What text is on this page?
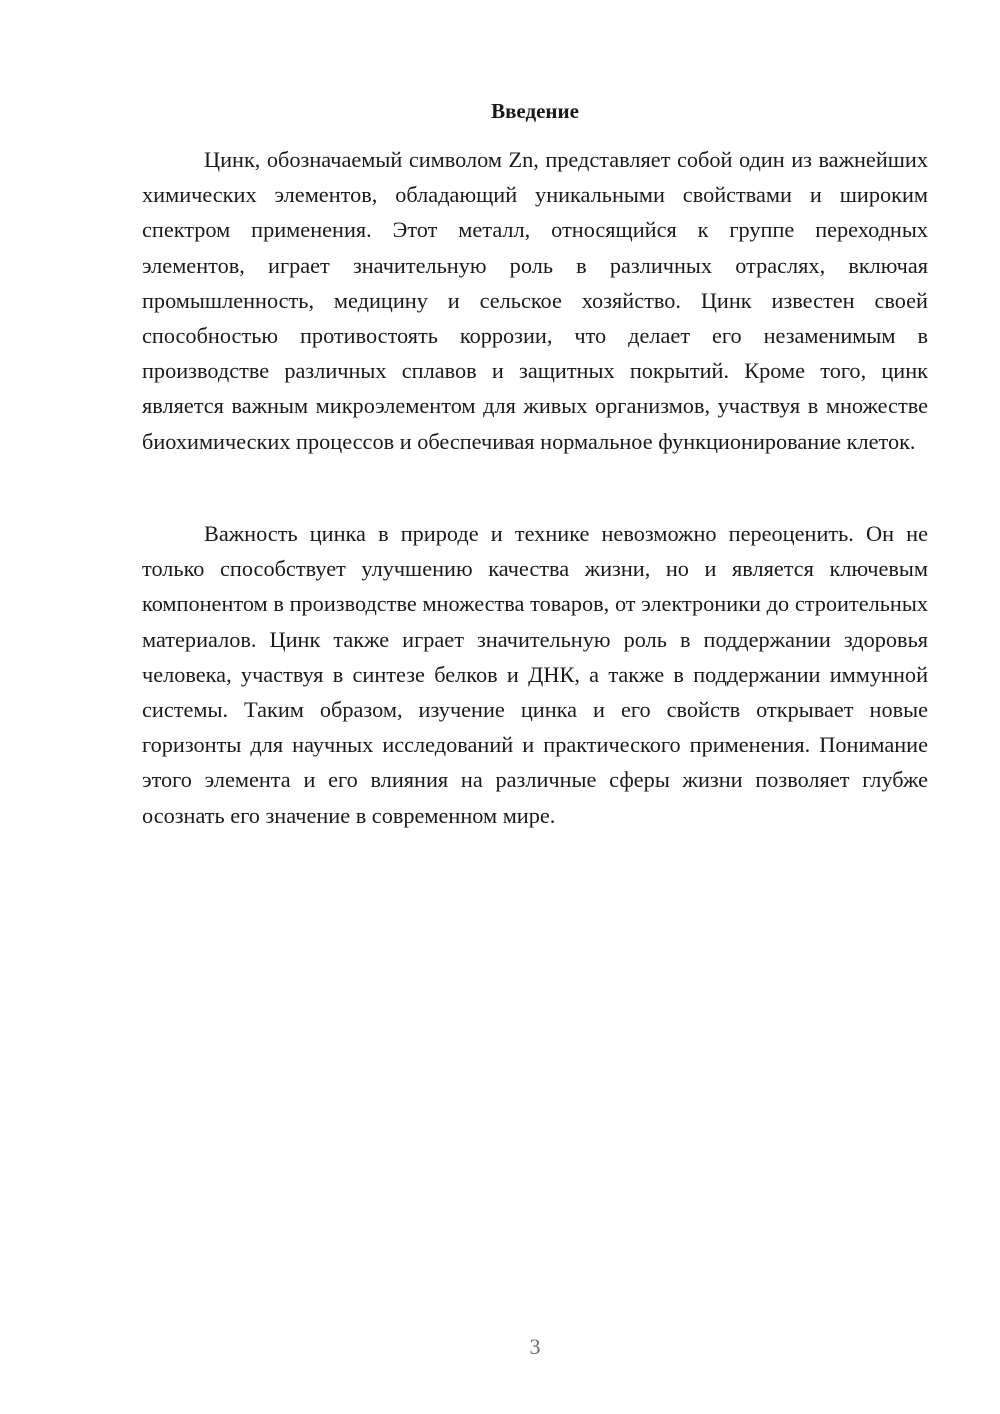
Введение

Цинк, обозначаемый символом Zn, представляет собой один из важнейших химических элементов, обладающий уникальными свойствами и широким спектром применения. Этот металл, относящийся к группе переходных элементов, играет значительную роль в различных отраслях, включая промышленность, медицину и сельское хозяйство. Цинк известен своей способностью противостоять коррозии, что делает его незаменимым в производстве различных сплавов и защитных покрытий. Кроме того, цинк является важным микроэлементом для живых организмов, участвуя в множестве биохимических процессов и обеспечивая нормальное функционирование клеток.

Важность цинка в природе и технике невозможно переоценить. Он не только способствует улучшению качества жизни, но и является ключевым компонентом в производстве множества товаров, от электроники до строительных материалов. Цинк также играет значительную роль в поддержании здоровья человека, участвуя в синтезе белков и ДНК, а также в поддержании иммунной системы. Таким образом, изучение цинка и его свойств открывает новые горизонты для научных исследований и практического применения. Понимание этого элемента и его влияния на различные сферы жизни позволяет глубже осознать его значение в современном мире.

3
